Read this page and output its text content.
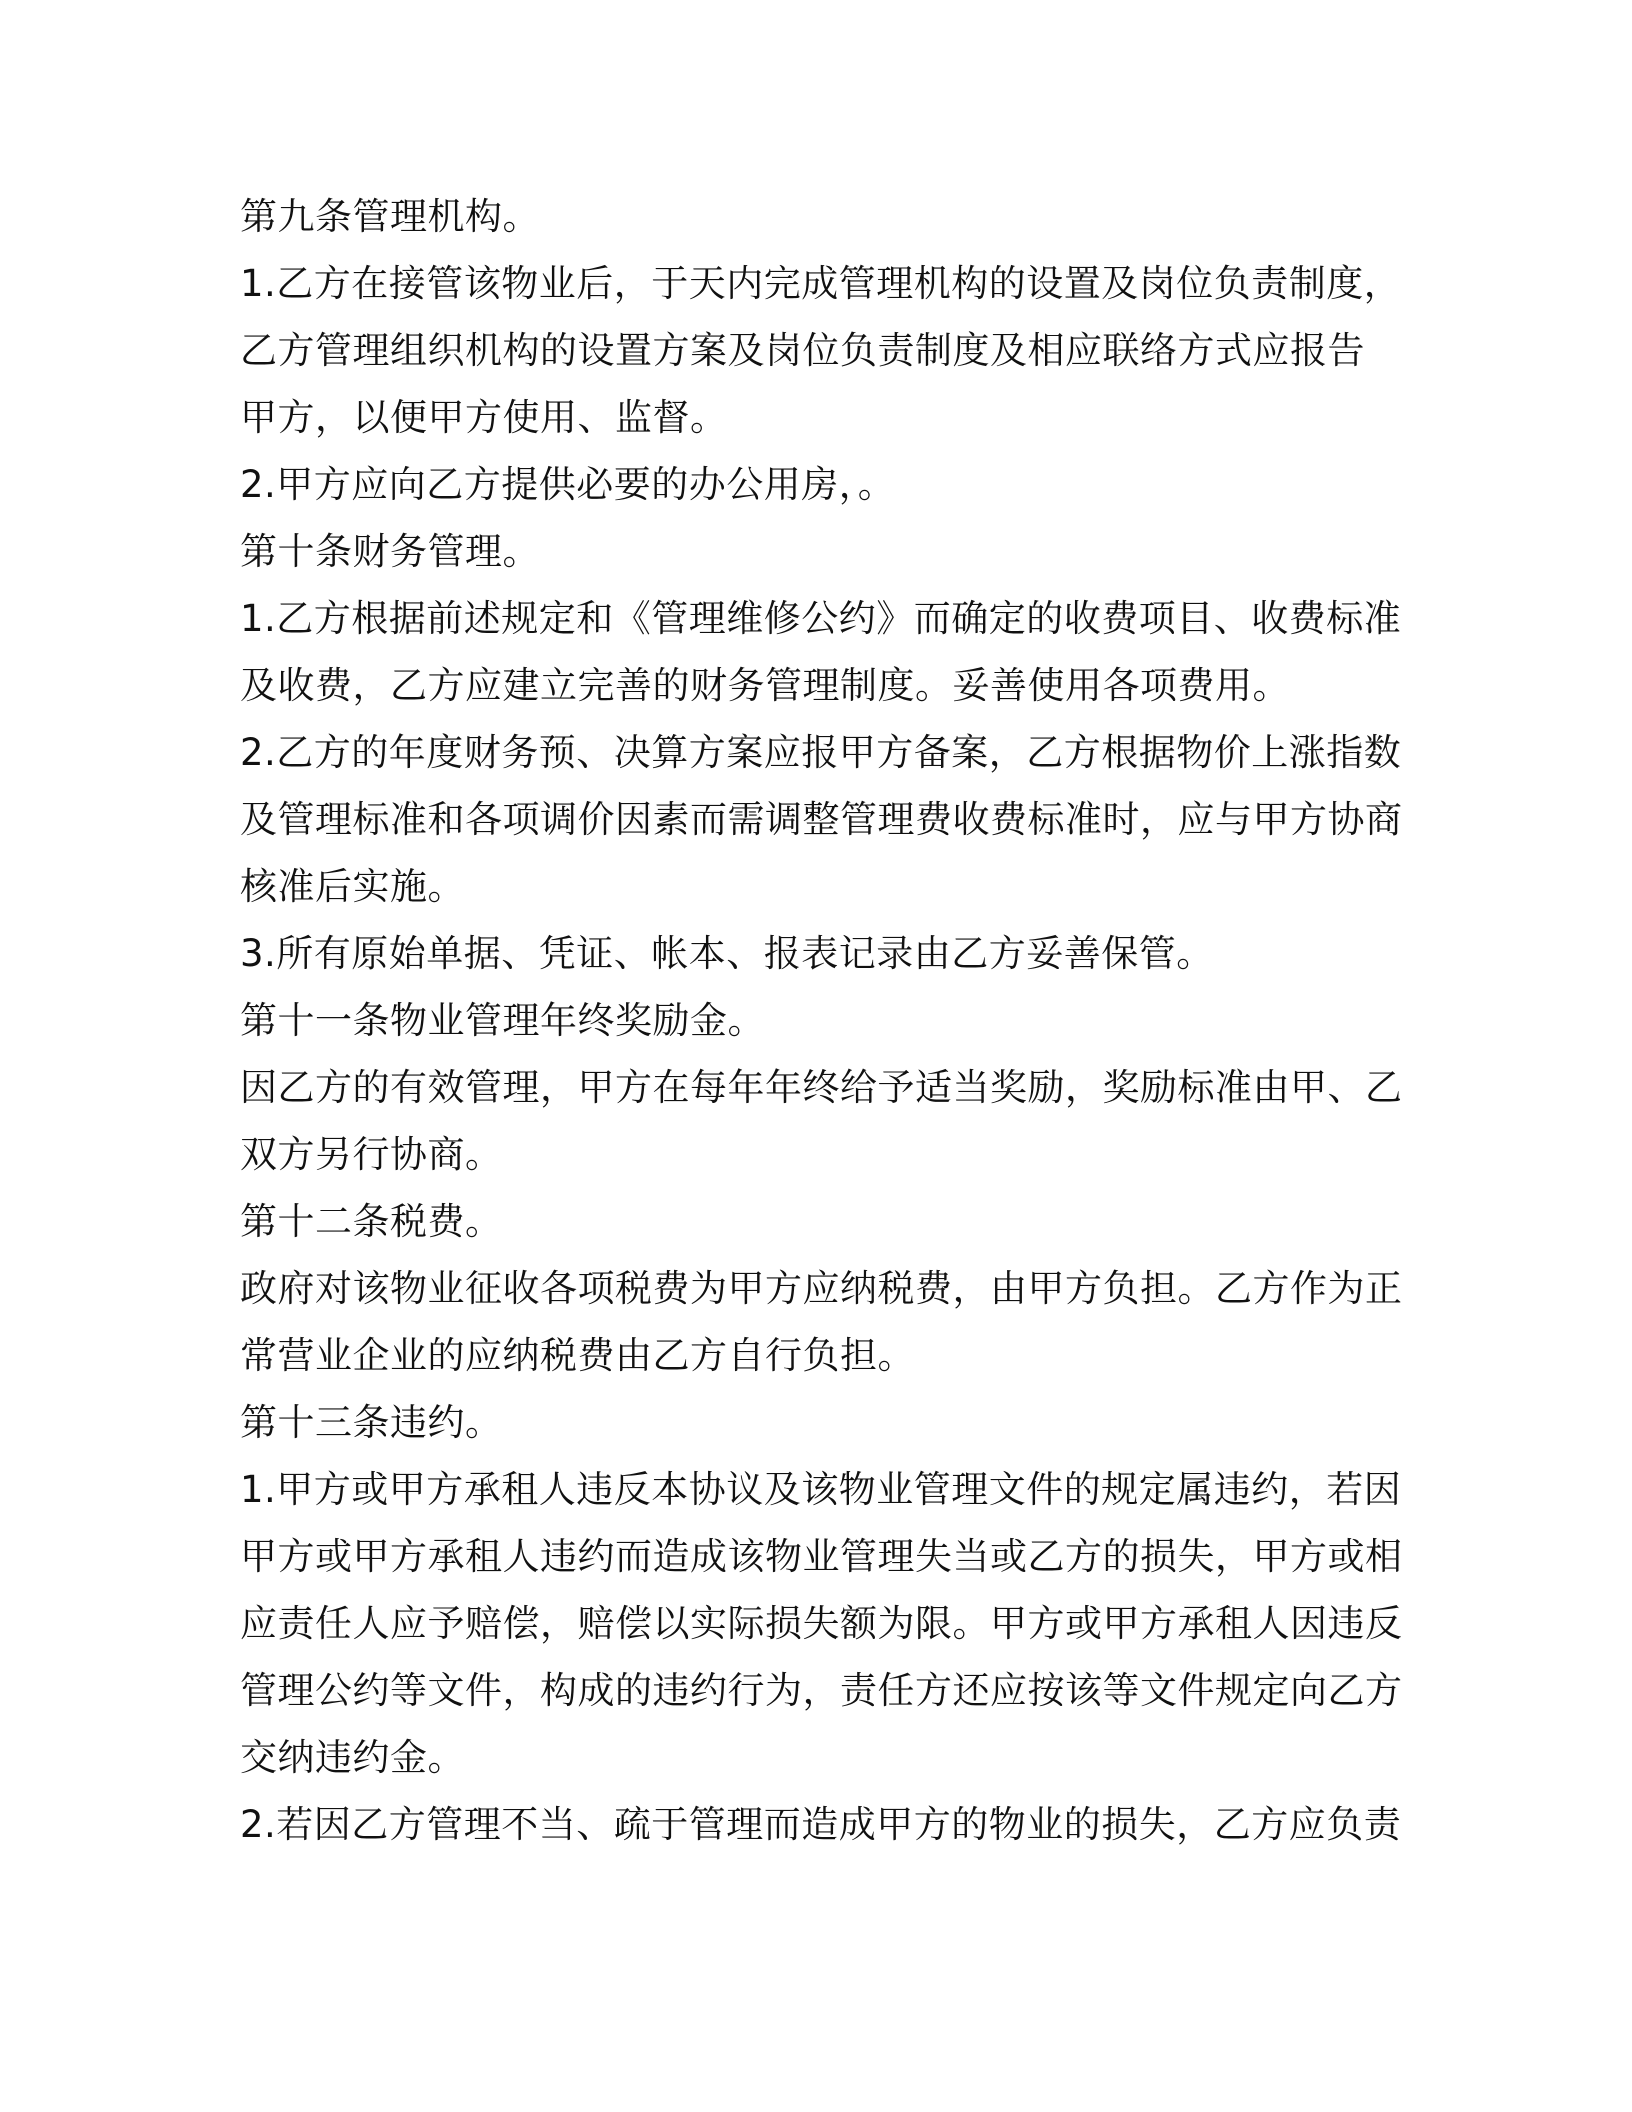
第九条管理机构。
1.乙方在接管该物业后，于天内完成管理机构的设置及岗位负责制度，
乙方管理组织机构的设置方案及岗位负责制度及相应联络方式应报告
甲方，以便甲方使用、监督。
2.甲方应向乙方提供必要的办公用房，。
第十条财务管理。
1.乙方根据前述规定和《管理维修公约》而确定的收费项目、收费标准
及收费，乙方应建立完善的财务管理制度。妥善使用各项费用。
2.乙方的年度财务预、决算方案应报甲方备案，乙方根据物价上涨指数
及管理标准和各项调价因素而需调整管理费收费标准时，应与甲方协商
核准后实施。
3.所有原始单据、凭证、帐本、报表记录由乙方妥善保管。
第十一条物业管理年终奖励金。
因乙方的有效管理，甲方在每年年终给予适当奖励，奖励标准由甲、乙
双方另行协商。
第十二条税费。
政府对该物业征收各项税费为甲方应纳税费，由甲方负担。乙方作为正
常营业企业的应纳税费由乙方自行负担。
第十三条违约。
1.甲方或甲方承租人违反本协议及该物业管理文件的规定属违约，若因
甲方或甲方承租人违约而造成该物业管理失当或乙方的损失，甲方或相
应责任人应予赔偿，赔偿以实际损失额为限。甲方或甲方承租人因违反
管理公约等文件，构成的违约行为，责任方还应按该等文件规定向乙方
交纳违约金。
2.若因乙方管理不当、疏于管理而造成甲方的物业的损失，乙方应负责
